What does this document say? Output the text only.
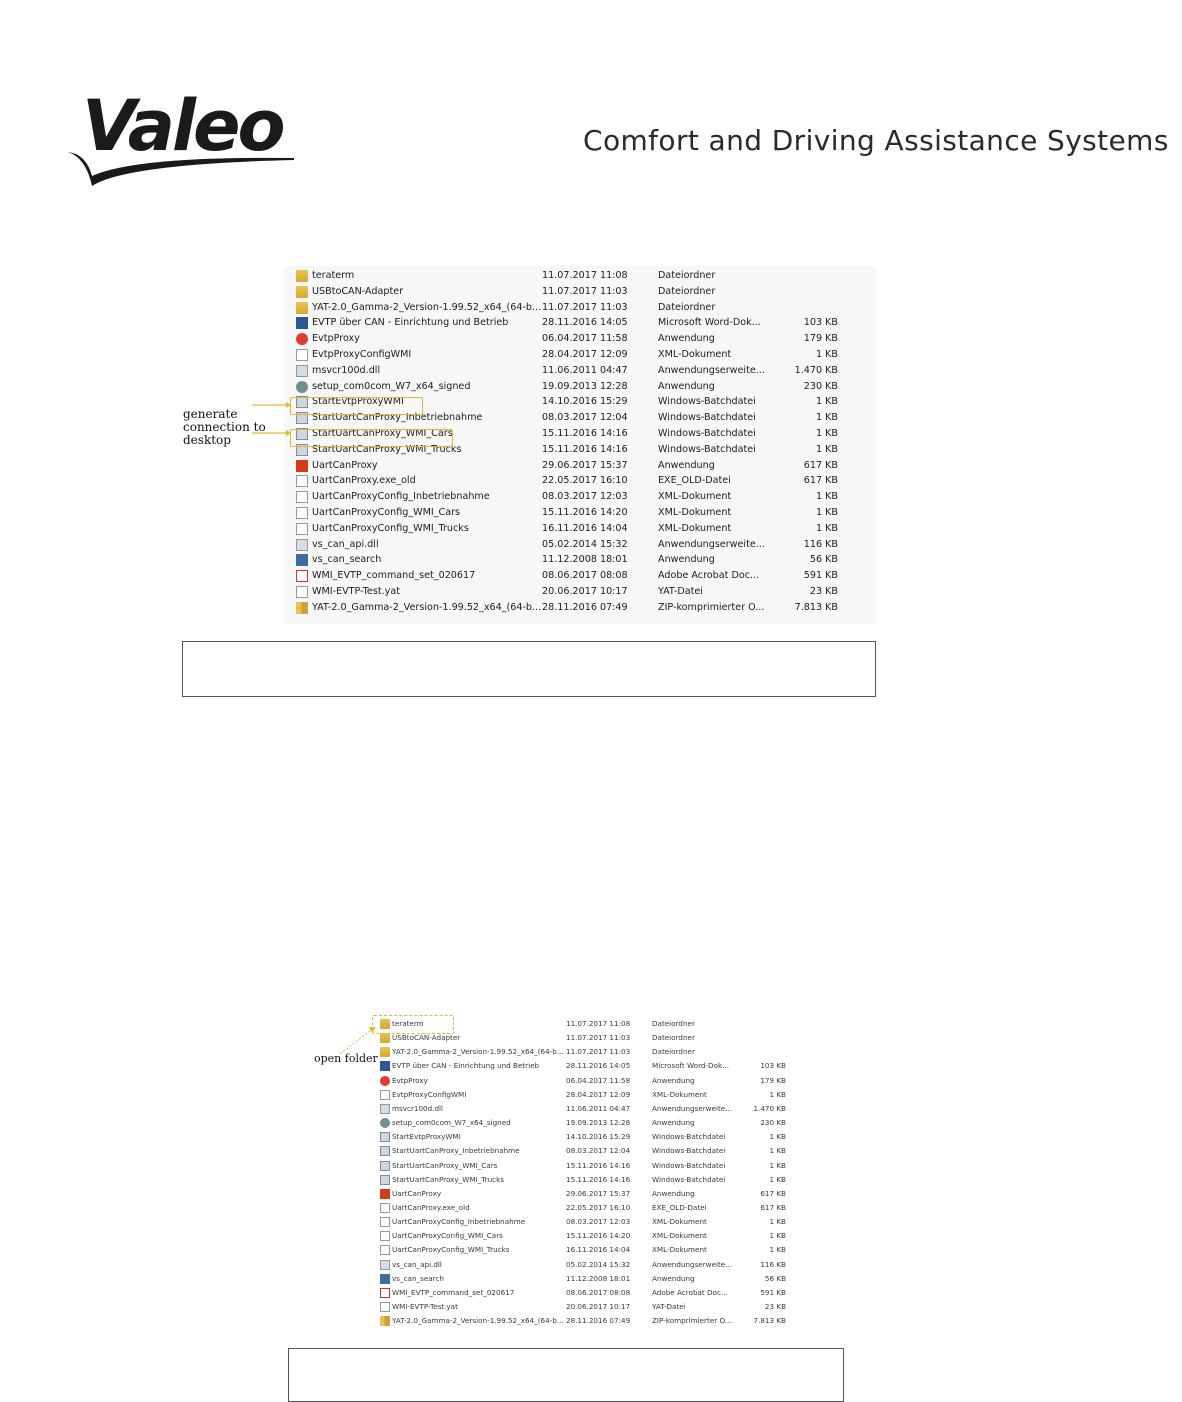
Valeo	Comfort and Driving Assistance Systems
teraterm	11.07.2017 11:08	Dateiordner
USBtoCAN-Adapter	11.07.2017 11:03	Dateiordner
YAT-2.0_Gamma-2_Version-1.99.52_x64_(64-b... 11.07.2017 11:03	Dateiordner
EVTP über CAN - Einrichtung und Betrieb	28.11.2016 14:05	Microsoft Word-Dok...	103 KB
EvtpProxy	06.04.2017 11:58	Anwendung	179 KB
EvtpProxyConfigWMI	28.04.2017 12:09	XML-Dokument	1 KB
msvcr100d.dll	11.06.2011 04:47	Anwendungserweite...	1.470 KB
setup_com0com_W7_x64_signed	19.09.2013 12:28	Anwendung	230 KB
StartEvtpProxyWMI	14.10.2016 15:29	Windows-Batchdatei	1 KB
StartUartCanProxy_Inbetriebnahme	08.03.2017 12:04	Windows-Batchdatei	1 KB
StartUartCanProxy_WMI_Cars	15.11.2016 14:16	Windows-Batchdatei	1 KB
StartUartCanProxy_WMI_Trucks	15.11.2016 14:16	Windows-Batchdatei	1 KB
UartCanProxy	29.06.2017 15:37	Anwendung	617 KB
UartCanProxy.exe_old	22.05.2017 16:10	EXE_OLD-Datei	617 KB
UartCanProxyConfig_Inbetriebnahme	08.03.2017 12:03	XML-Dokument	1 KB
UartCanProxyConfig_WMI_Cars	15.11.2016 14:20	XML-Dokument	1 KB
UartCanProxyConfig_WMI_Trucks	16.11.2016 14:04	XML-Dokument	1 KB
vs_can_api.dll	05.02.2014 15:32	Anwendungserweite...	116 KB
vs_can_search	11.12.2008 18:01	Anwendung	56 KB
WMI_EVTP_command_set_020617	08.06.2017 08:08	Adobe Acrobat Doc...	591 KB
WMI-EVTP-Test.yat	20.06.2017 10:17	YAT-Datei	23 KB
YAT-2.0_Gamma-2_Version-1.99.52_x64_(64-b... 28.11.2016 07:49	ZIP-komprimierter O...	7.813 KB
generate connection to desktop
teraterm	11.07.2017 11:08	Dateiordner
USBtoCAN-Adapter	11.07.2017 11:03	Dateiordner
YAT-2.0_Gamma-2_Version-1.99.52_x64_(64-b... 11.07.2017 11:03	Dateiordner
EVTP über CAN - Einrichtung und Betrieb	28.11.2016 14:05	Microsoft Word-Dok...	103 KB
EvtpProxy	06.04.2017 11:58	Anwendung	179 KB
EvtpProxyConfigWMI	28.04.2017 12:09	XML-Dokument	1 KB
msvcr100d.dll	11.06.2011 04:47	Anwendungserweite...	1.470 KB
setup_com0com_W7_x64_signed	19.09.2013 12:28	Anwendung	230 KB
StartEvtpProxyWMI	14.10.2016 15:29	Windows-Batchdatei	1 KB
StartUartCanProxy_Inbetriebnahme	08.03.2017 12:04	Windows-Batchdatei	1 KB
StartUartCanProxy_WMI_Cars	15.11.2016 14:16	Windows-Batchdatei	1 KB
StartUartCanProxy_WMI_Trucks	15.11.2016 14:16	Windows-Batchdatei	1 KB
UartCanProxy	29.06.2017 15:37	Anwendung	617 KB
UartCanProxy.exe_old	22.05.2017 16:10	EXE_OLD-Datei	617 KB
UartCanProxyConfig_Inbetriebnahme	08.03.2017 12:03	XML-Dokument	1 KB
UartCanProxyConfig_WMI_Cars	15.11.2016 14:20	XML-Dokument	1 KB
UartCanProxyConfig_WMI_Trucks	16.11.2016 14:04	XML-Dokument	1 KB
vs_can_api.dll	05.02.2014 15:32	Anwendungserweite...	116 KB
vs_can_search	11.12.2008 18:01	Anwendung	56 KB
WMI_EVTP_command_set_020617	08.06.2017 08:08	Adobe Acrobat Doc...	591 KB
WMI-EVTP-Test.yat	20.06.2017 10:17	YAT-Datei	23 KB
YAT-2.0_Gamma-2_Version-1.99.52_x64_(64-b... 28.11.2016 07:49	ZIP-komprimierter O...	7.813 KB
open folder
